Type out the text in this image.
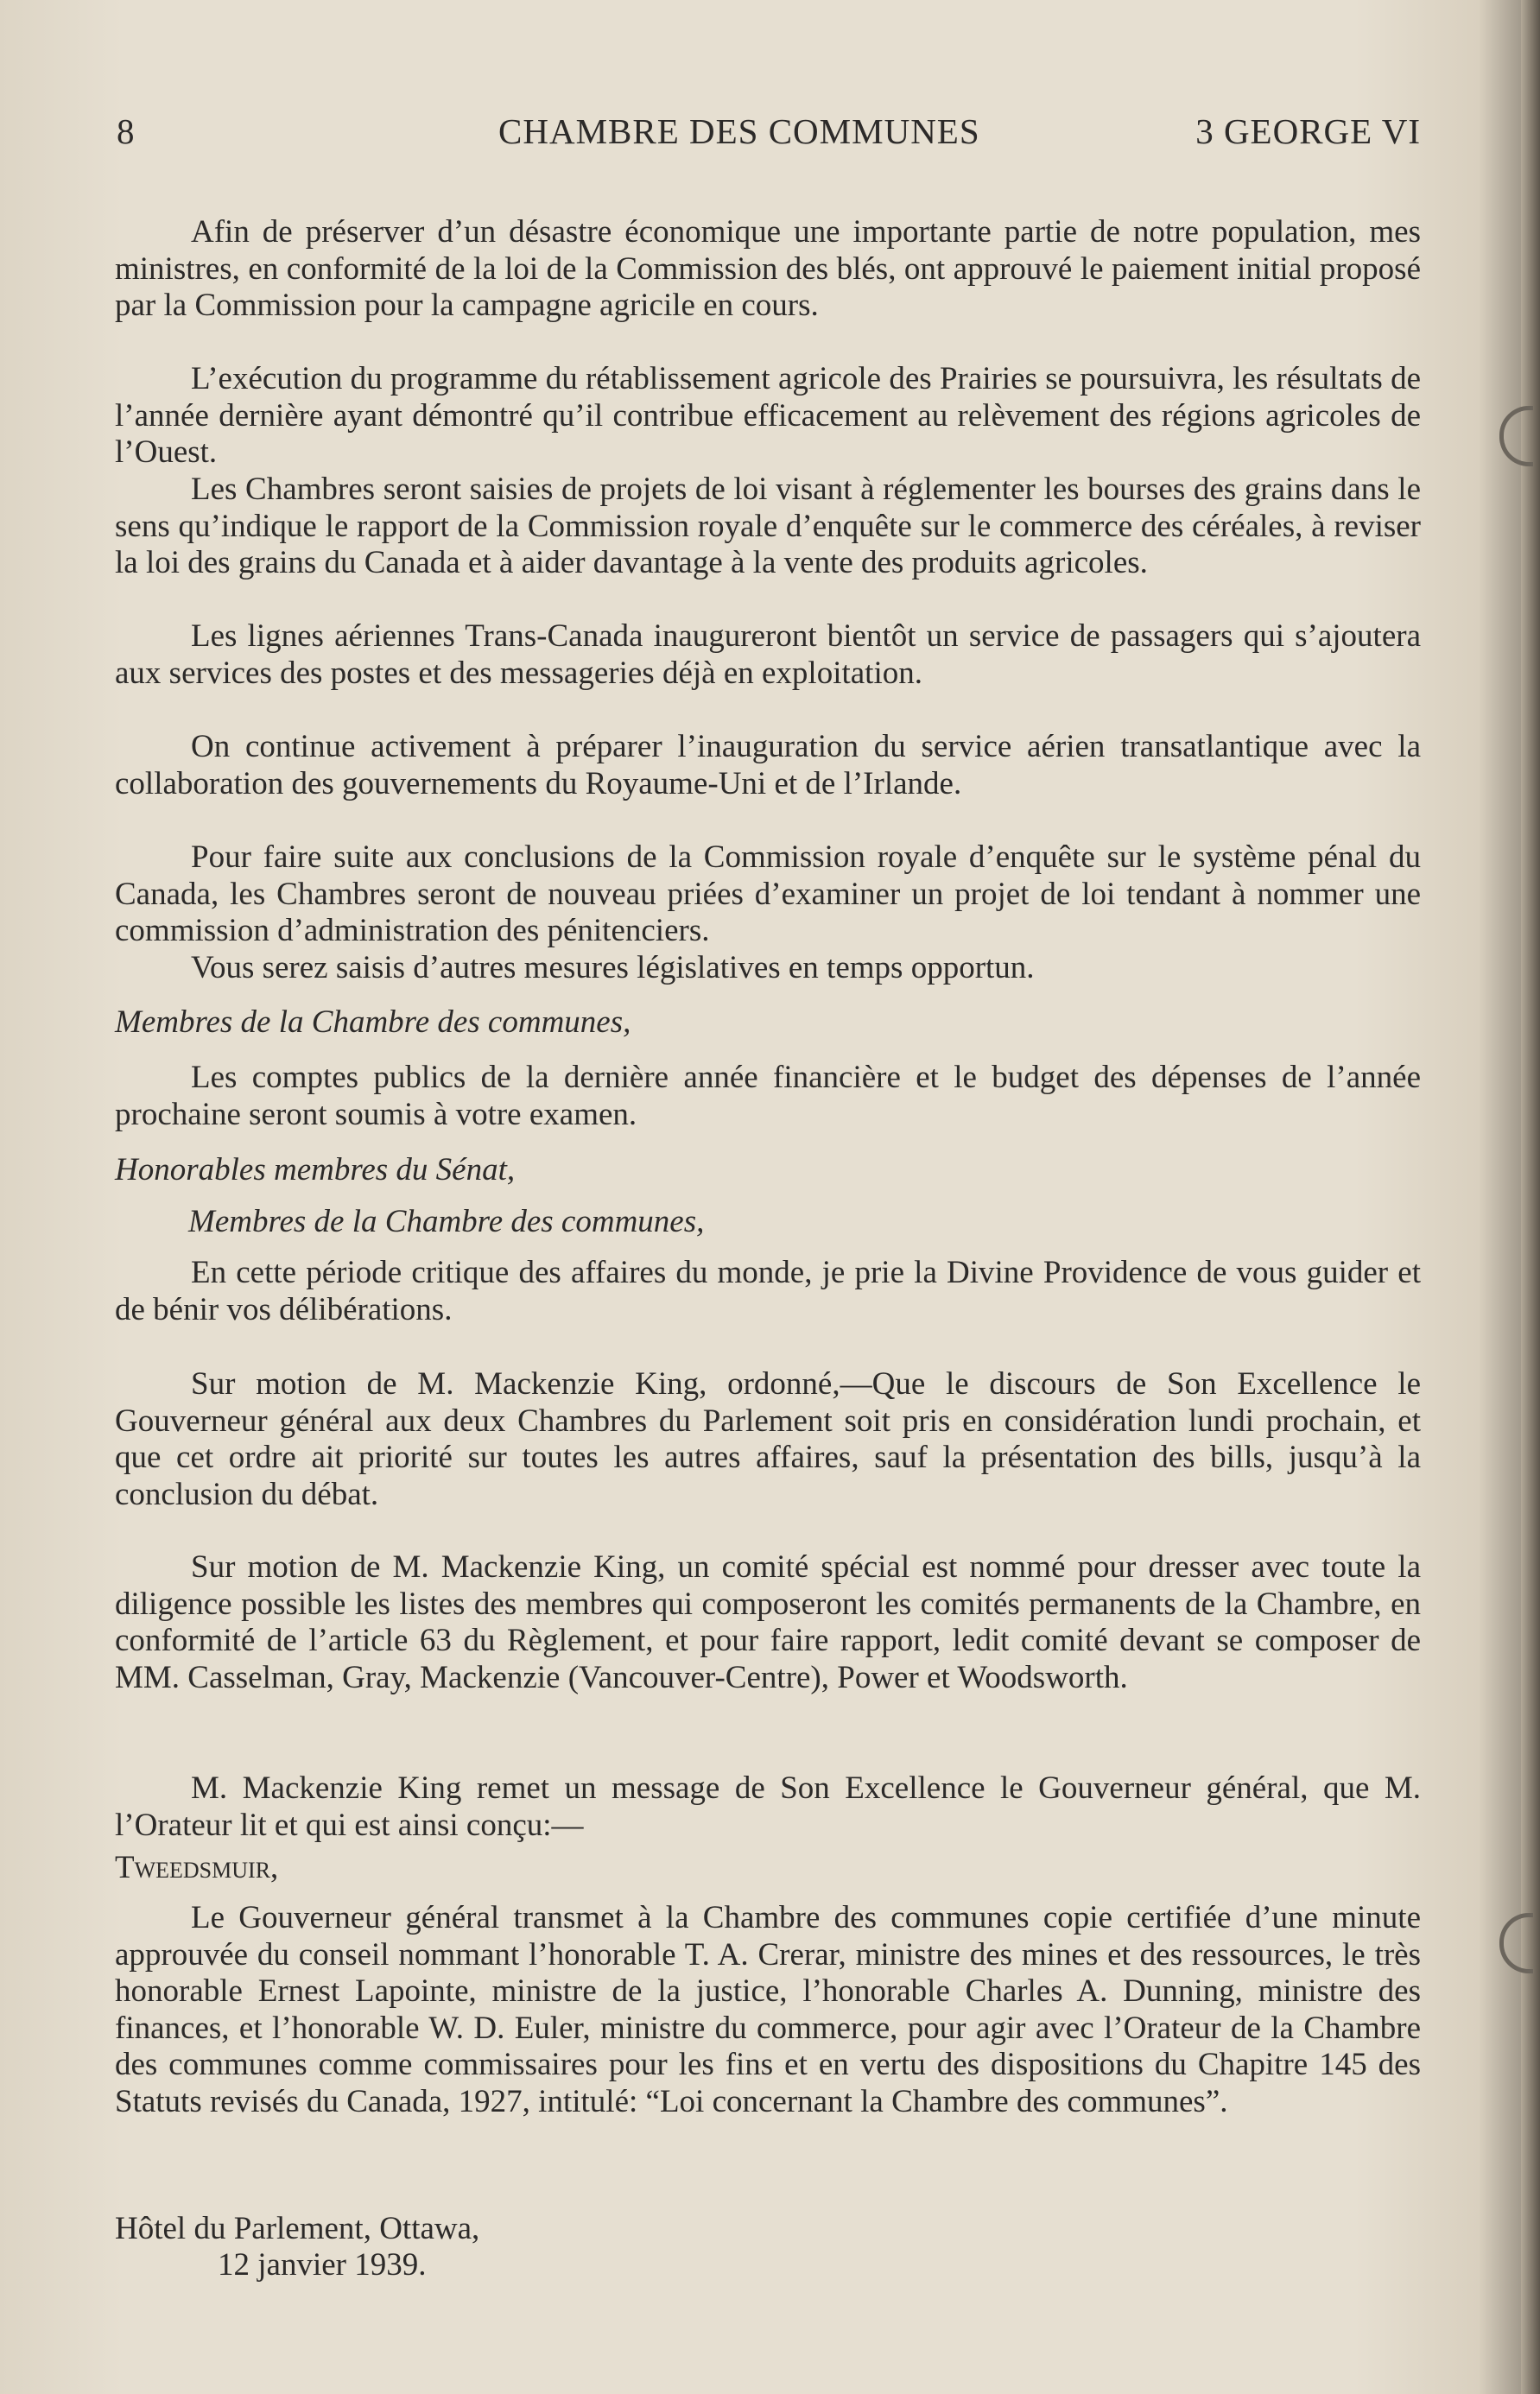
8	CHAMBRE DES COMMUNES	3 GEORGE VI
Afin de préserver d’un désastre économique une importante partie de notre population, mes ministres, en conformité de la loi de la Commission des blés, ont approuvé le paiement initial proposé par la Commission pour la campagne agricile en cours.
L’exécution du programme du rétablissement agricole des Prairies se poursuivra, les résultats de l’année dernière ayant démontré qu’il contribue efficacement au relèvement des régions agricoles de l’Ouest.
Les Chambres seront saisies de projets de loi visant à réglementer les bourses des grains dans le sens qu’indique le rapport de la Commission royale d’enquête sur le commerce des céréales, à reviser la loi des grains du Canada et à aider davantage à la vente des produits agricoles.
Les lignes aériennes Trans-Canada inaugureront bientôt un service de passagers qui s’ajoutera aux services des postes et des messageries déjà en exploitation.
On continue activement à préparer l’inauguration du service aérien transatlantique avec la collaboration des gouvernements du Royaume-Uni et de l’Irlande.
Pour faire suite aux conclusions de la Commission royale d’enquête sur le système pénal du Canada, les Chambres seront de nouveau priées d’examiner un projet de loi tendant à nommer une commission d’administration des pénitenciers.
Vous serez saisis d’autres mesures législatives en temps opportun.
Membres de la Chambre des communes,
Les comptes publics de la dernière année financière et le budget des dépenses de l’année prochaine seront soumis à votre examen.
Honorables membres du Sénat,
Membres de la Chambre des communes,
En cette période critique des affaires du monde, je prie la Divine Providence de vous guider et de bénir vos délibérations.
Sur motion de M. Mackenzie King, ordonné,—Que le discours de Son Excellence le Gouverneur général aux deux Chambres du Parlement soit pris en considération lundi prochain, et que cet ordre ait priorité sur toutes les autres affaires, sauf la présentation des bills, jusqu’à la conclusion du débat.
Sur motion de M. Mackenzie King, un comité spécial est nommé pour dresser avec toute la diligence possible les listes des membres qui composeront les comités permanents de la Chambre, en conformité de l’article 63 du Règlement, et pour faire rapport, ledit comité devant se composer de MM. Casselman, Gray, Mackenzie (Vancouver-Centre), Power et Woodsworth.
M. Mackenzie King remet un message de Son Excellence le Gouverneur général, que M. l’Orateur lit et qui est ainsi conçu:—
Tweedsmuir,
Le Gouverneur général transmet à la Chambre des communes copie certifiée d’une minute approuvée du conseil nommant l’honorable T. A. Crerar, ministre des mines et des ressources, le très honorable Ernest Lapointe, ministre de la justice, l’honorable Charles A. Dunning, ministre des finances, et l’honorable W. D. Euler, ministre du commerce, pour agir avec l’Orateur de la Chambre des communes comme commissaires pour les fins et en vertu des dispositions du Chapitre 145 des Statuts revisés du Canada, 1927, intitulé: “Loi concernant la Chambre des communes”.
Hôtel du Parlement, Ottawa,
12 janvier 1939.
